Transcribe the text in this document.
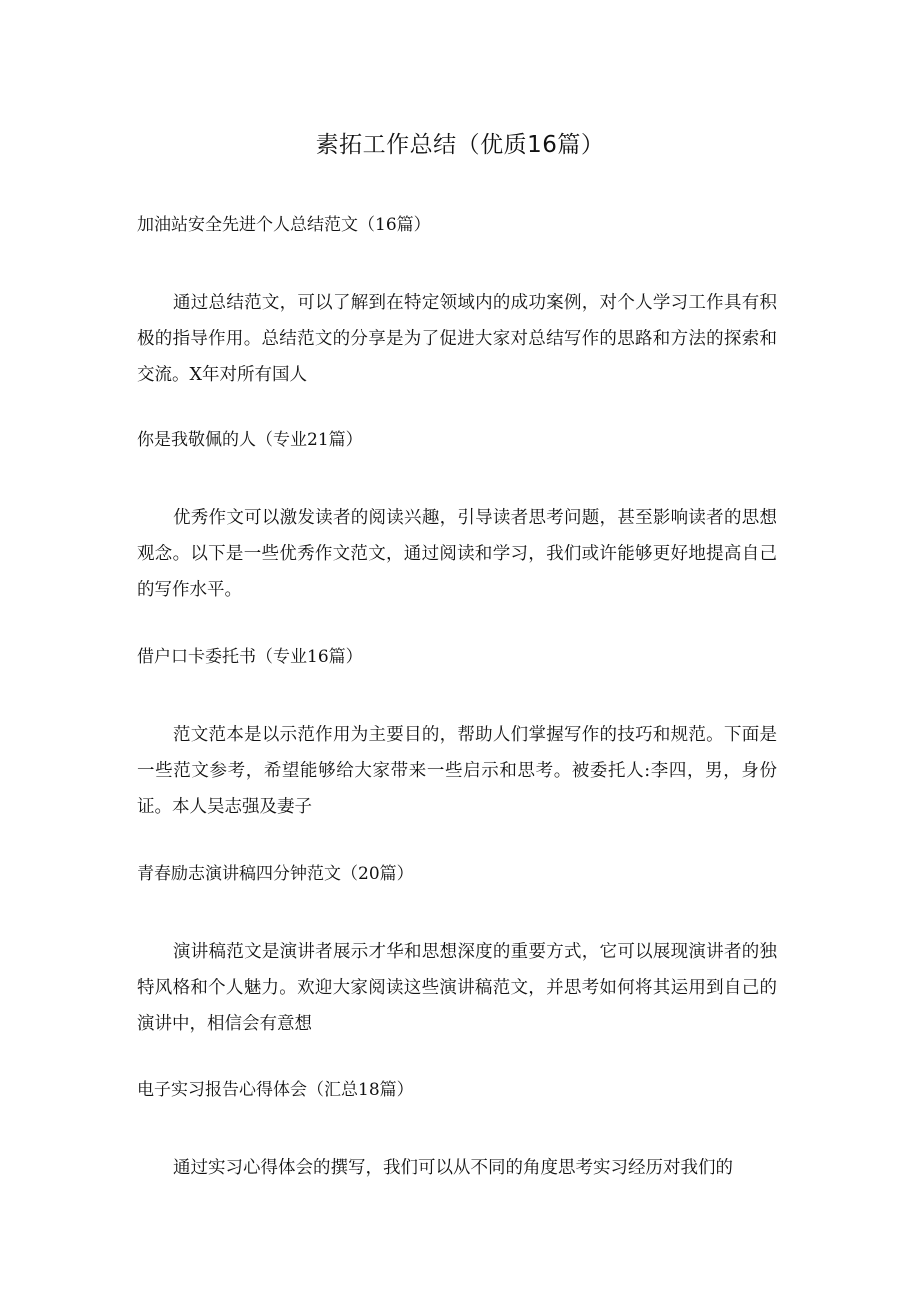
素拓工作总结（优质16篇）

加油站安全先进个人总结范文（16篇）

通过总结范文，可以了解到在特定领域内的成功案例，对个人学习工作具有积极的指导作用。总结范文的分享是为了促进大家对总结写作的思路和方法的探索和交流。X年对所有国人

你是我敬佩的人（专业21篇）

优秀作文可以激发读者的阅读兴趣，引导读者思考问题，甚至影响读者的思想观念。以下是一些优秀作文范文，通过阅读和学习，我们或许能够更好地提高自己的写作水平。

借户口卡委托书（专业16篇）

范文范本是以示范作用为主要目的，帮助人们掌握写作的技巧和规范。下面是一些范文参考，希望能够给大家带来一些启示和思考。被委托人:李四，男，身份证。本人吴志强及妻子

青春励志演讲稿四分钟范文（20篇）

演讲稿范文是演讲者展示才华和思想深度的重要方式，它可以展现演讲者的独特风格和个人魅力。欢迎大家阅读这些演讲稿范文，并思考如何将其运用到自己的演讲中，相信会有意想

电子实习报告心得体会（汇总18篇）

通过实习心得体会的撰写，我们可以从不同的角度思考实习经历对我们的
